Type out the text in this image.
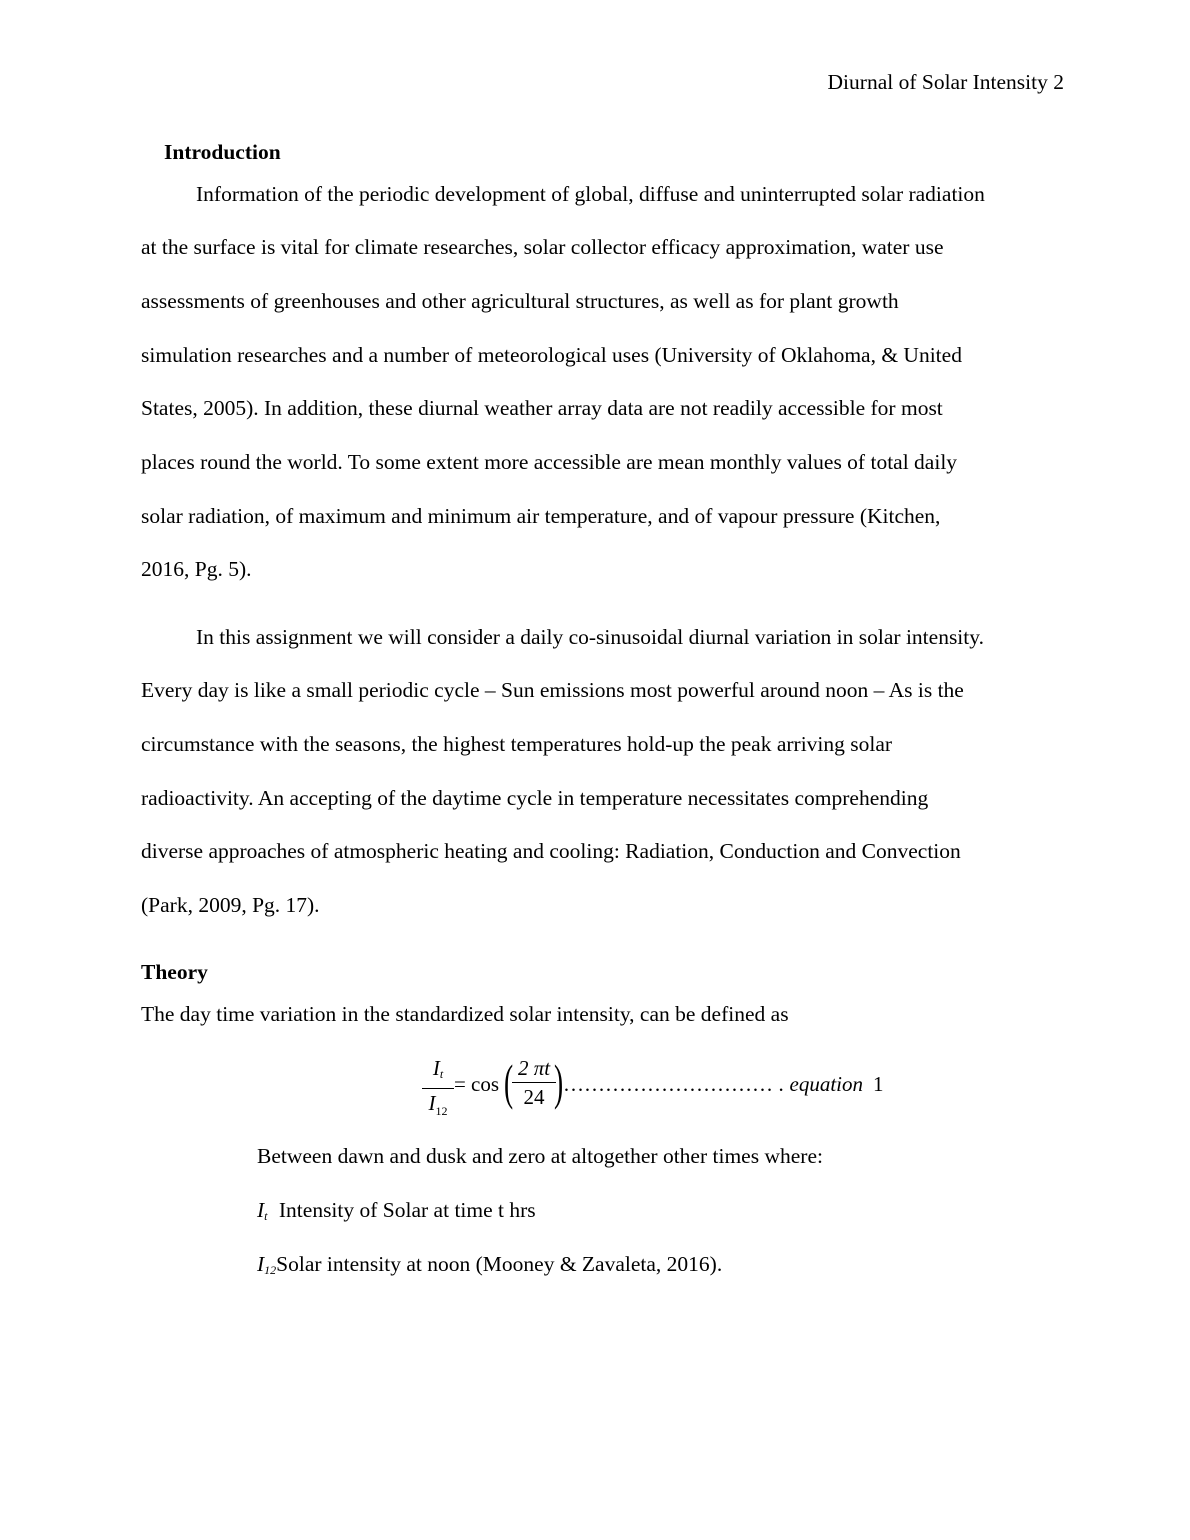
Diurnal of Solar Intensity 2
Introduction
Information of the periodic development of global, diffuse and uninterrupted solar radiation
at the surface is vital for climate researches, solar collector efficacy approximation, water use
assessments of greenhouses and other agricultural structures, as well as for plant growth
simulation researches and a number of meteorological uses (University of Oklahoma, & United
States, 2005). In addition, these diurnal weather array data are not readily accessible for most
places round the world. To some extent more accessible are mean monthly values of total daily
solar radiation, of maximum and minimum air temperature, and of vapour pressure (Kitchen,
2016, Pg. 5).
In this assignment we will consider a daily co-sinusoidal diurnal variation in solar intensity.
Every day is like a small periodic cycle – Sun emissions most powerful around noon – As is the
circumstance with the seasons, the highest temperatures hold-up the peak arriving solar
radioactivity. An accepting of the daytime cycle in temperature necessitates comprehending
diverse approaches of atmospheric heating and cooling: Radiation, Conduction and Convection
(Park, 2009, Pg. 17).
Theory
The day time variation in the standardized solar intensity, can be defined as
$I_t$
$I_{12}$
= cos ( 2 πt
24 ) ………………………… . equation 1
Between dawn and dusk and zero at altogether other times where:
$I_t$ Intensity of Solar at time t hrs
$I_{12}Solar$ intensity at noon (Mooney & Zavaleta, 2016).
